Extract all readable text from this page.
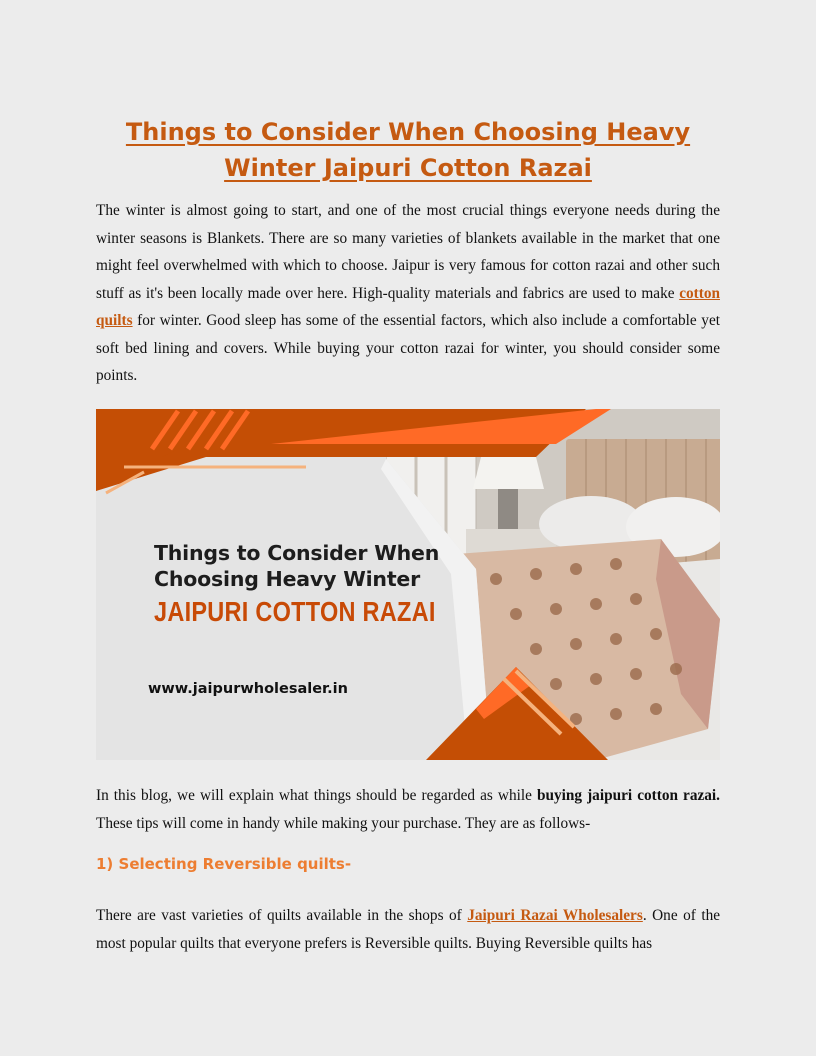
Things to Consider When Choosing Heavy Winter Jaipuri Cotton Razai

The winter is almost going to start, and one of the most crucial things everyone needs during the winter seasons is Blankets. There are so many varieties of blankets available in the market that one might feel overwhelmed with which to choose. Jaipur is very famous for cotton razai and other such stuff as it's been locally made over here. High-quality materials and fabrics are used to make cotton quilts for winter. Good sleep has some of the essential factors, which also include a comfortable yet soft bed lining and covers. While buying your cotton razai for winter, you should consider some points.

Things to Consider When Choosing Heavy Winter

JAIPURI COTTON RAZAI

www.jaipurwholesaler.in

In this blog, we will explain what things should be regarded as while buying jaipuri cotton razai. These tips will come in handy while making your purchase. They are as follows-

1) Selecting Reversible quilts-

There are vast varieties of quilts available in the shops of Jaipuri Razai Wholesalers. One of the most popular quilts that everyone prefers is Reversible quilts. Buying Reversible quilts has
